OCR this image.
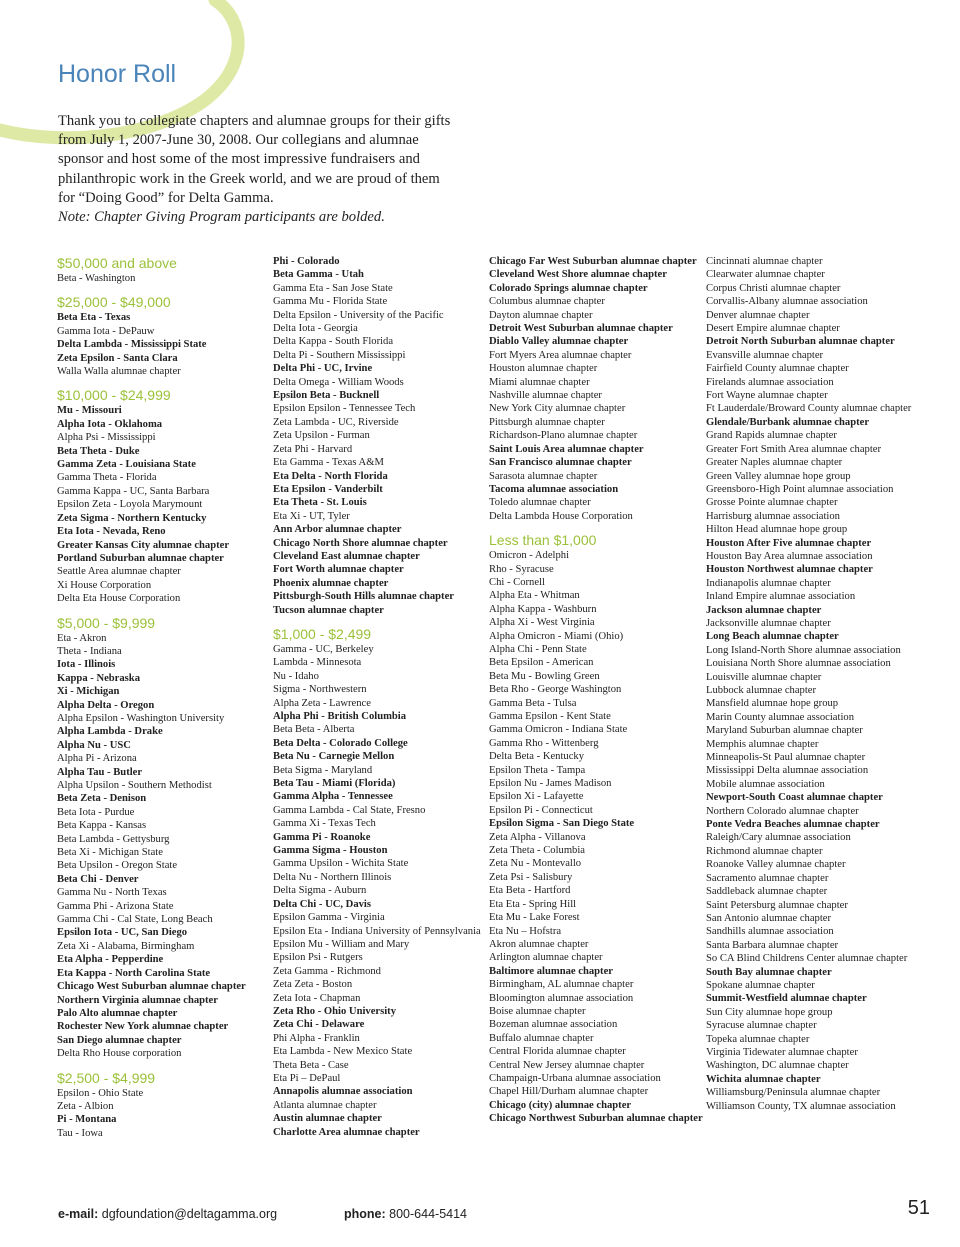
Honor Roll
Thank you to collegiate chapters and alumnae groups for their gifts from July 1, 2007-June 30, 2008. Our collegians and alumnae sponsor and host some of the most impressive fundraisers and philanthropic work in the Greek world, and we are proud of them for “Doing Good” for Delta Gamma.
Note: Chapter Giving Program participants are bolded.
$50,000 and above
Beta - Washington
$25,000 - $49,000
Beta Eta - Texas
Gamma Iota - DePauw
Delta Lambda - Mississippi State
Zeta Epsilon - Santa Clara
Walla Walla alumnae chapter
$10,000 - $24,999
Mu - Missouri
Alpha Iota - Oklahoma
Alpha Psi - Mississippi
Beta Theta - Duke
Gamma Zeta - Louisiana State
Gamma Theta - Florida
Gamma Kappa - UC, Santa Barbara
Epsilon Zeta - Loyola Marymount
Zeta Sigma - Northern Kentucky
Eta Iota - Nevada, Reno
Greater Kansas City alumnae chapter
Portland Suburban alumnae chapter
Seattle Area alumnae chapter
Xi House Corporation
Delta Eta House Corporation
$5,000 - $9,999
Eta - Akron
Theta - Indiana
Iota - Illinois
Kappa - Nebraska
Xi - Michigan
Alpha Delta - Oregon
Alpha Epsilon - Washington University
Alpha Lambda - Drake
Alpha Nu - USC
Alpha Pi - Arizona
Alpha Tau - Butler
Alpha Upsilon - Southern Methodist
Beta Zeta - Denison
Beta Iota - Purdue
Beta Kappa - Kansas
Beta Lambda - Gettysburg
Beta Xi - Michigan State
Beta Upsilon - Oregon State
Beta Chi - Denver
Gamma Nu - North Texas
Gamma Phi - Arizona State
Gamma Chi - Cal State, Long Beach
Epsilon Iota - UC, San Diego
Zeta Xi - Alabama, Birmingham
Eta Alpha - Pepperdine
Eta Kappa - North Carolina State
Chicago West Suburban alumnae chapter
Northern Virginia alumnae chapter
Palo Alto alumnae chapter
Rochester New York alumnae chapter
San Diego alumnae chapter
Delta Rho House corporation
$2,500 - $4,999
Epsilon - Ohio State
Zeta - Albion
Pi - Montana
Tau - Iowa
Phi - Colorado
Beta Gamma - Utah
Gamma Eta - San Jose State
Gamma Mu - Florida State
Delta Epsilon - University of the Pacific
Delta Iota - Georgia
Delta Kappa - South Florida
Delta Pi - Southern Mississippi
Delta Phi - UC, Irvine
Delta Omega - William Woods
Epsilon Beta - Bucknell
Epsilon Epsilon - Tennessee Tech
Zeta Lambda - UC, Riverside
Zeta Upsilon - Furman
Zeta Phi - Harvard
Eta Gamma - Texas A&M
Eta Delta - North Florida
Eta Epsilon - Vanderbilt
Eta Theta - St. Louis
Eta Xi - UT, Tyler
Ann Arbor alumnae chapter
Chicago North Shore alumnae chapter
Cleveland East alumnae chapter
Fort Worth alumnae chapter
Phoenix alumnae chapter
Pittsburgh-South Hills alumnae chapter
Tucson alumnae chapter
$1,000 - $2,499
Gamma - UC, Berkeley
Lambda - Minnesota
Nu - Idaho
Sigma - Northwestern
Alpha Zeta - Lawrence
Alpha Phi - British Columbia
Beta Beta - Alberta
Beta Delta - Colorado College
Beta Nu - Carnegie Mellon
Beta Sigma - Maryland
Beta Tau - Miami (Florida)
Gamma Alpha - Tennessee
Gamma Lambda - Cal State, Fresno
Gamma Xi - Texas Tech
Gamma Pi - Roanoke
Gamma Sigma - Houston
Gamma Upsilon - Wichita State
Delta Nu - Northern Illinois
Delta Sigma - Auburn
Delta Chi - UC, Davis
Epsilon Gamma - Virginia
Epsilon Eta - Indiana University of Pennsylvania
Epsilon Mu - William and Mary
Epsilon Psi - Rutgers
Zeta Gamma - Richmond
Zeta Zeta - Boston
Zeta Iota - Chapman
Zeta Rho - Ohio University
Zeta Chi - Delaware
Phi Alpha - Franklin
Eta Lambda - New Mexico State
Theta Beta - Case
Eta Pi – DePaul
Annapolis alumnae association
Atlanta alumnae chapter
Austin alumnae chapter
Charlotte Area alumnae chapter
Chicago Far West Suburban alumnae chapter
Cleveland West Shore alumnae chapter
Colorado Springs alumnae chapter
Columbus alumnae chapter
Dayton alumnae chapter
Detroit West Suburban alumnae chapter
Diablo Valley alumnae chapter
Fort Myers Area alumnae chapter
Houston alumnae chapter
Miami alumnae chapter
Nashville alumnae chapter
New York City alumnae chapter
Pittsburgh alumnae chapter
Richardson-Plano alumnae chapter
Saint Louis Area alumnae chapter
San Francisco alumnae chapter
Sarasota alumnae chapter
Tacoma alumnae association
Toledo alumnae chapter
Delta Lambda House Corporation
Less than $1,000
Omicron - Adelphi
Rho - Syracuse
Chi - Cornell
Alpha Eta - Whitman
Alpha Kappa - Washburn
Alpha Xi - West Virginia
Alpha Omicron - Miami (Ohio)
Alpha Chi - Penn State
Beta Epsilon - American
Beta Mu - Bowling Green
Beta Rho - George Washington
Gamma Beta - Tulsa
Gamma Epsilon - Kent State
Gamma Omicron - Indiana State
Gamma Rho - Wittenberg
Delta Beta - Kentucky
Epsilon Theta - Tampa
Epsilon Nu - James Madison
Epsilon Xi - Lafayette
Epsilon Pi - Connecticut
Epsilon Sigma - San Diego State
Zeta Alpha - Villanova
Zeta Theta - Columbia
Zeta Nu - Montevallo
Zeta Psi - Salisbury
Eta Beta - Hartford
Eta Eta - Spring Hill
Eta Mu - Lake Forest
Eta Nu – Hofstra
Akron alumnae chapter
Arlington alumnae chapter
Baltimore alumnae chapter
Birmingham, AL alumnae chapter
Bloomington alumnae association
Boise alumnae chapter
Bozeman alumnae association
Buffalo alumnae chapter
Central Florida alumnae chapter
Central New Jersey alumnae chapter
Champaign-Urbana alumnae association
Chapel Hill/Durham alumnae chapter
Chicago (city) alumnae chapter
Chicago Northwest Suburban alumnae chapter
Cincinnati alumnae chapter
Clearwater alumnae chapter
Corpus Christi alumnae chapter
Corvallis-Albany alumnae association
Denver alumnae chapter
Desert Empire alumnae chapter
Detroit North Suburban alumnae chapter
Evansville alumnae chapter
Fairfield County alumnae chapter
Firelands alumnae association
Fort Wayne alumnae chapter
Ft Lauderdale/Broward County alumnae chapter
Glendale/Burbank alumnae chapter
Grand Rapids alumnae chapter
Greater Fort Smith Area alumnae chapter
Greater Naples alumnae chapter
Green Valley alumnae hope group
Greensboro-High Point alumnae association
Grosse Pointe alumnae chapter
Harrisburg alumnae association
Hilton Head alumnae hope group
Houston After Five alumnae chapter
Houston Bay Area alumnae association
Houston Northwest alumnae chapter
Indianapolis alumnae chapter
Inland Empire alumnae association
Jackson alumnae chapter
Jacksonville alumnae chapter
Long Beach alumnae chapter
Long Island-North Shore alumnae association
Louisiana North Shore alumnae association
Louisville alumnae chapter
Lubbock alumnae chapter
Mansfield alumnae hope group
Marin County alumnae association
Maryland Suburban alumnae chapter
Memphis alumnae chapter
Minneapolis-St Paul alumnae chapter
Mississippi Delta alumnae association
Mobile alumnae association
Newport-South Coast alumnae chapter
Northern Colorado alumnae chapter
Ponte Vedra Beaches alumnae chapter
Raleigh/Cary alumnae association
Richmond alumnae chapter
Roanoke Valley alumnae chapter
Sacramento alumnae chapter
Saddleback alumnae chapter
Saint Petersburg alumnae chapter
San Antonio alumnae chapter
Sandhills alumnae association
Santa Barbara alumnae chapter
So CA Blind Childrens Center alumnae chapter
South Bay alumnae chapter
Spokane alumnae chapter
Summit-Westfield alumnae chapter
Sun City alumnae hope group
Syracuse alumnae chapter
Topeka alumnae chapter
Virginia Tidewater alumnae chapter
Washington, DC alumnae chapter
Wichita alumnae chapter
Williamsburg/Peninsula alumnae chapter
Williamson County, TX alumnae association
e-mail: dgfoundation@deltagamma.org	phone: 800-644-5414	51
